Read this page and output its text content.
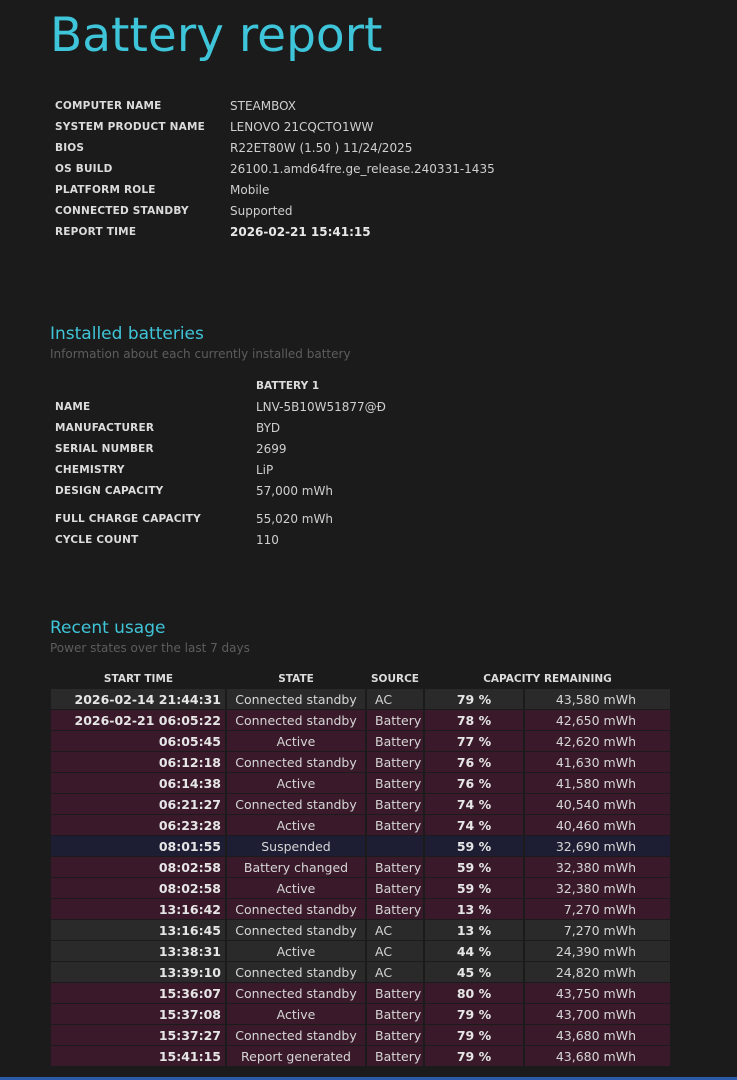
Battery report
COMPUTER NAME	STEAMBOX
SYSTEM PRODUCT NAME	LENOVO 21CQCTO1WW
BIOS	R22ET80W (1.50 ) 11/24/2025
OS BUILD	26100.1.amd64fre.ge_release.240331-1435
PLATFORM ROLE	Mobile
CONNECTED STANDBY	Supported
REPORT TIME	2026-02-21 15:41:15
Installed batteries
Information about each currently installed battery
	BATTERY 1
NAME	LNV-5B10W51877@Ð
MANUFACTURER	BYD
SERIAL NUMBER	2699
CHEMISTRY	LiP
DESIGN CAPACITY	57,000 mWh

FULL CHARGE CAPACITY	55,020 mWh
CYCLE COUNT	110
Recent usage
Power states over the last 7 days
START TIME	STATE	SOURCE	CAPACITY REMAINING	
2026-02-14 21:44:31	Connected standby	AC	79 %	43,580 mWh
2026-02-21 06:05:22	Connected standby	Battery	78 %	42,650 mWh
06:05:45	Active	Battery	77 %	42,620 mWh
06:12:18	Connected standby	Battery	76 %	41,630 mWh
06:14:38	Active	Battery	76 %	41,580 mWh
06:21:27	Connected standby	Battery	74 %	40,540 mWh
06:23:28	Active	Battery	74 %	40,460 mWh
08:01:55	Suspended		59 %	32,690 mWh
08:02:58	Battery changed	Battery	59 %	32,380 mWh
08:02:58	Active	Battery	59 %	32,380 mWh
13:16:42	Connected standby	Battery	13 %	7,270 mWh
13:16:45	Connected standby	AC	13 %	7,270 mWh
13:38:31	Active	AC	44 %	24,390 mWh
13:39:10	Connected standby	AC	45 %	24,820 mWh
15:36:07	Connected standby	Battery	80 %	43,750 mWh
15:37:08	Active	Battery	79 %	43,700 mWh
15:37:27	Connected standby	Battery	79 %	43,680 mWh
15:41:15	Report generated	Battery	79 %	43,680 mWh
